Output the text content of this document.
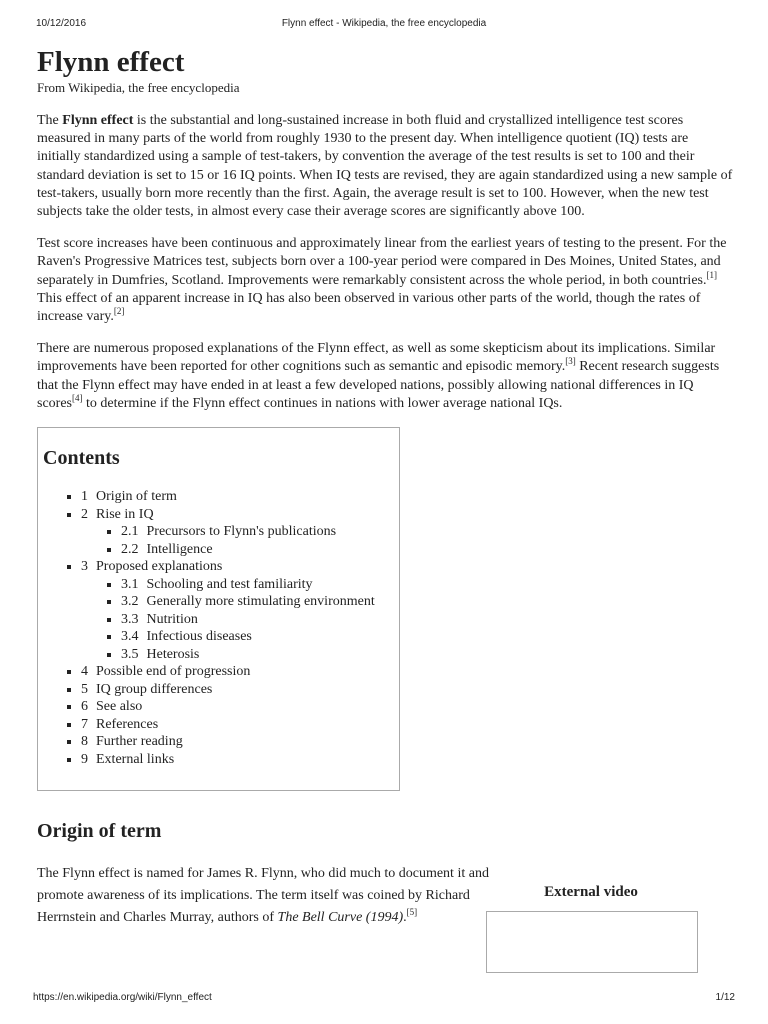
10/12/2016	Flynn effect - Wikipedia, the free encyclopedia
Flynn effect
From Wikipedia, the free encyclopedia

The Flynn effect is the substantial and long-sustained increase in both fluid and crystallized intelligence test scores measured in many parts of the world from roughly 1930 to the present day. When intelligence quotient (IQ) tests are initially standardized using a sample of test-takers, by convention the average of the test results is set to 100 and their standard deviation is set to 15 or 16 IQ points. When IQ tests are revised, they are again standardized using a new sample of test-takers, usually born more recently than the first. Again, the average result is set to 100. However, when the new test subjects take the older tests, in almost every case their average scores are significantly above 100.

Test score increases have been continuous and approximately linear from the earliest years of testing to the present. For the Raven's Progressive Matrices test, subjects born over a 100-year period were compared in Des Moines, United States, and separately in Dumfries, Scotland. Improvements were remarkably consistent across the whole period, in both countries.[1] This effect of an apparent increase in IQ has also been observed in various other parts of the world, though the rates of increase vary.[2]

There are numerous proposed explanations of the Flynn effect, as well as some skepticism about its implications. Similar improvements have been reported for other cognitions such as semantic and episodic memory.[3] Recent research suggests that the Flynn effect may have ended in at least a few developed nations, possibly allowing national differences in IQ scores[4] to determine if the Flynn effect continues in nations with lower average national IQs.

Contents
▪ 1 Origin of term
▪ 2 Rise in IQ
▪ 2.1 Precursors to Flynn's publications
▪ 2.2 Intelligence
▪ 3 Proposed explanations
▪ 3.1 Schooling and test familiarity
▪ 3.2 Generally more stimulating environment
▪ 3.3 Nutrition
▪ 3.4 Infectious diseases
▪ 3.5 Heterosis
▪ 4 Possible end of progression
▪ 5 IQ group differences
▪ 6 See also
▪ 7 References
▪ 8 Further reading
▪ 9 External links
Origin of term

The Flynn effect is named for James R. Flynn, who did much to document it and promote awareness of its implications. The term itself was coined by Richard Herrnstein and Charles Murray, authors of The Bell Curve (1994).[5]

External video
https://en.wikipedia.org/wiki/Flynn_effect	1/12
